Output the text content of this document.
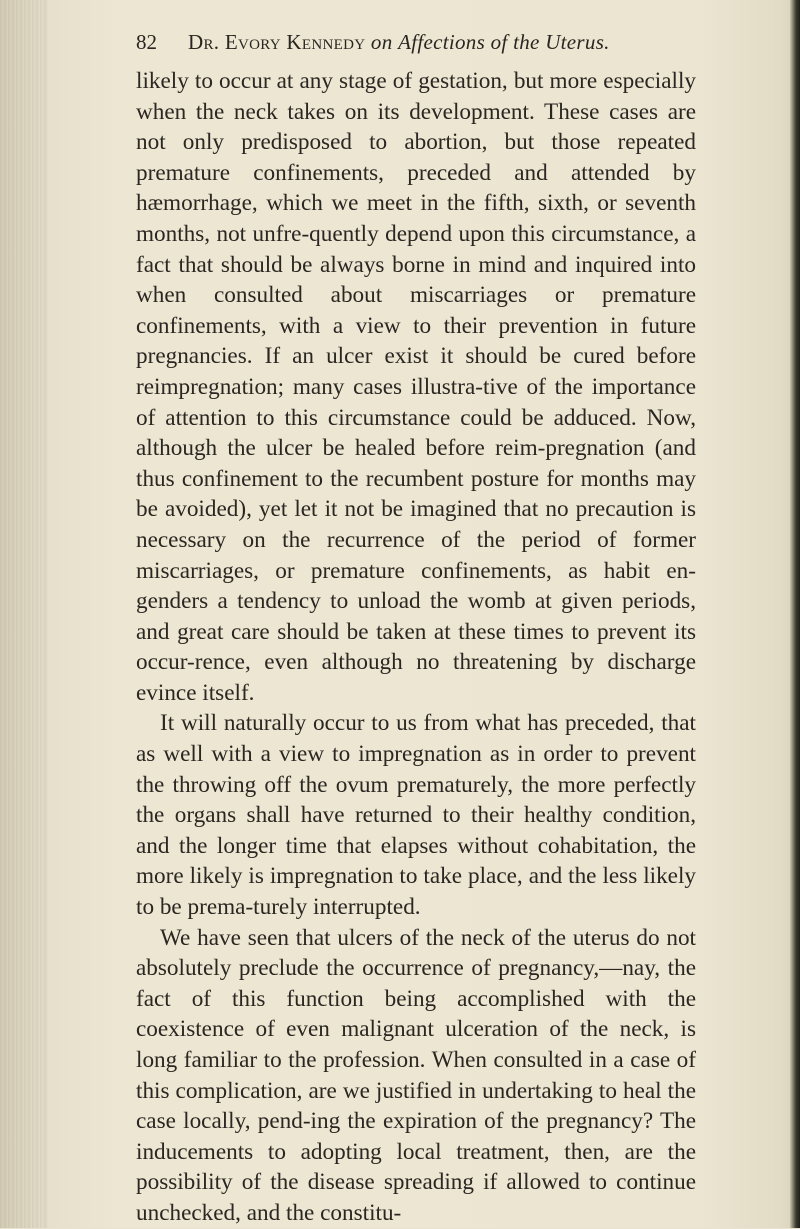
82 Dr. Evory Kennedy on Affections of the Uterus.

likely to occur at any stage of gestation, but more especially when the neck takes on its development. These cases are not only predisposed to abortion, but those repeated premature confinements, preceded and attended by hæmorrhage, which we meet in the fifth, sixth, or seventh months, not unfre-quently depend upon this circumstance, a fact that should be always borne in mind and inquired into when consulted about miscarriages or premature confinements, with a view to their prevention in future pregnancies. If an ulcer exist it should be cured before reimpregnation; many cases illustra-tive of the importance of attention to this circumstance could be adduced. Now, although the ulcer be healed before reim-pregnation (and thus confinement to the recumbent posture for months may be avoided), yet let it not be imagined that no precaution is necessary on the recurrence of the period of former miscarriages, or premature confinements, as habit en-genders a tendency to unload the womb at given periods, and great care should be taken at these times to prevent its occur-rence, even although no threatening by discharge evince itself.

It will naturally occur to us from what has preceded, that as well with a view to impregnation as in order to prevent the throwing off the ovum prematurely, the more perfectly the organs shall have returned to their healthy condition, and the longer time that elapses without cohabitation, the more likely is impregnation to take place, and the less likely to be prema-turely interrupted.

We have seen that ulcers of the neck of the uterus do not absolutely preclude the occurrence of pregnancy,—nay, the fact of this function being accomplished with the coexistence of even malignant ulceration of the neck, is long familiar to the profession. When consulted in a case of this complication, are we justified in undertaking to heal the case locally, pend-ing the expiration of the pregnancy? The inducements to adopting local treatment, then, are the possibility of the disease spreading if allowed to continue unchecked, and the constitu-
